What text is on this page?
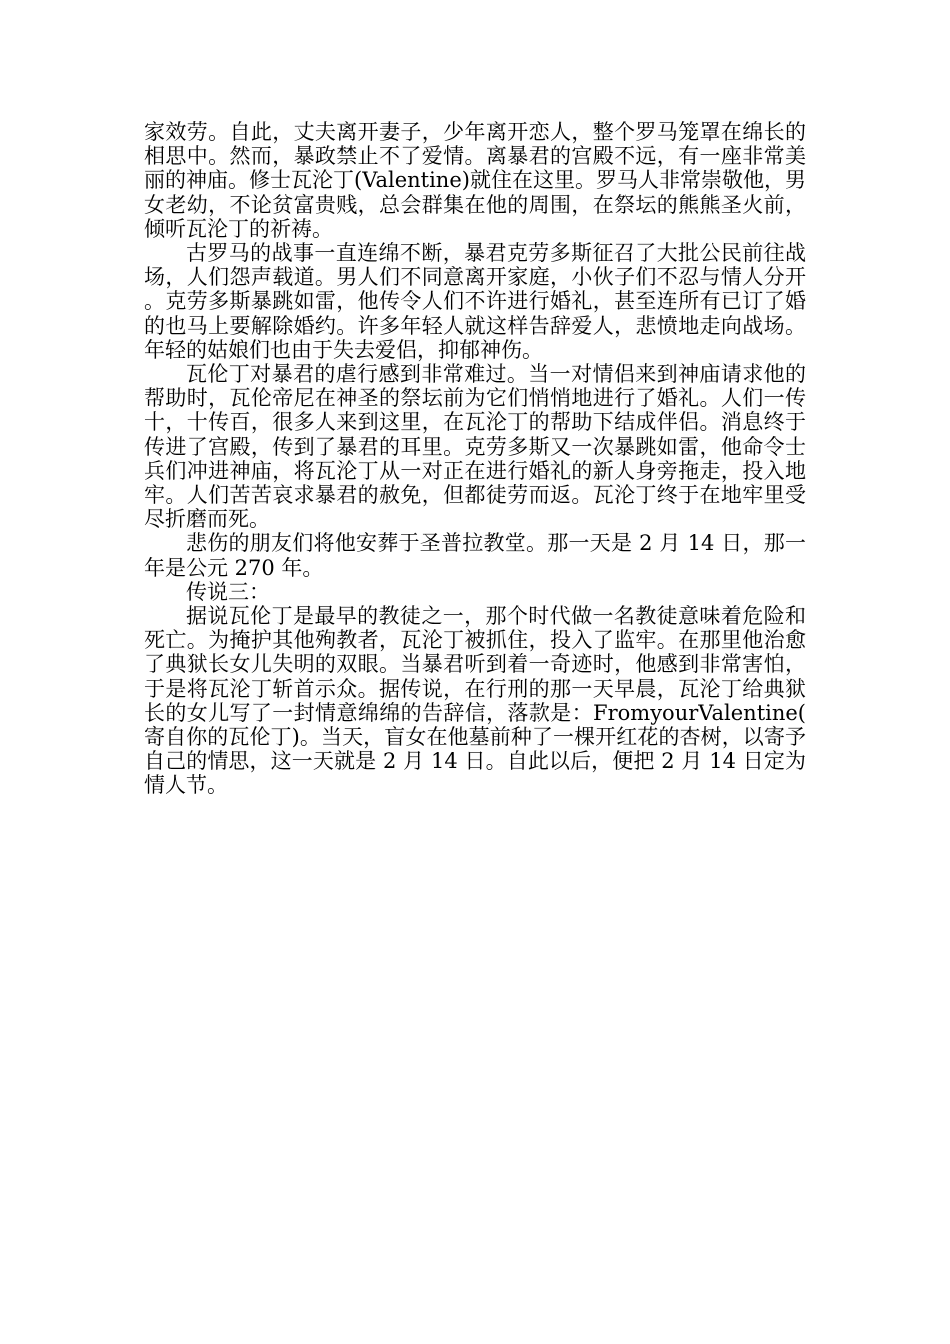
家效劳。自此，丈夫离开妻子，少年离开恋人，整个罗马笼罩在绵长的相思中。然而，暴政禁止不了爱情。离暴君的宫殿不远，有一座非常美丽的神庙。修士瓦沦丁(Valentine)就住在这里。罗马人非常崇敬他，男女老幼，不论贫富贵贱，总会群集在他的周围，在祭坛的熊熊圣火前，倾听瓦沦丁的祈祷。

古罗马的战事一直连绵不断，暴君克劳多斯征召了大批公民前往战场，人们怨声载道。男人们不同意离开家庭，小伙子们不忍与情人分开。克劳多斯暴跳如雷，他传令人们不许进行婚礼，甚至连所有已订了婚的也马上要解除婚约。许多年轻人就这样告辞爱人，悲愤地走向战场。年轻的姑娘们也由于失去爱侣，抑郁神伤。

瓦伦丁对暴君的虐行感到非常难过。当一对情侣来到神庙请求他的帮助时，瓦伦帝尼在神圣的祭坛前为它们悄悄地进行了婚礼。人们一传十，十传百，很多人来到这里，在瓦沦丁的帮助下结成伴侣。消息终于传进了宫殿，传到了暴君的耳里。克劳多斯又一次暴跳如雷，他命令士兵们冲进神庙，将瓦沦丁从一对正在进行婚礼的新人身旁拖走，投入地牢。人们苦苦哀求暴君的赦免，但都徒劳而返。瓦沦丁终于在地牢里受尽折磨而死。

悲伤的朋友们将他安葬于圣普拉教堂。那一天是 2 月 14 日，那一年是公元 270 年。

传说三：

据说瓦伦丁是最早的教徒之一，那个时代做一名教徒意味着危险和死亡。为掩护其他殉教者，瓦沦丁被抓住，投入了监牢。在那里他治愈了典狱长女儿失明的双眼。当暴君听到着一奇迹时，他感到非常害怕，于是将瓦沦丁斩首示众。据传说，在行刑的那一天早晨，瓦沦丁给典狱长的女儿写了一封情意绵绵的告辞信，落款是：FromyourValentine(寄自你的瓦伦丁)。当天，盲女在他墓前种了一棵开红花的杏树，以寄予自己的情思，这一天就是 2 月 14 日。自此以后，便把 2 月 14 日定为情人节。
